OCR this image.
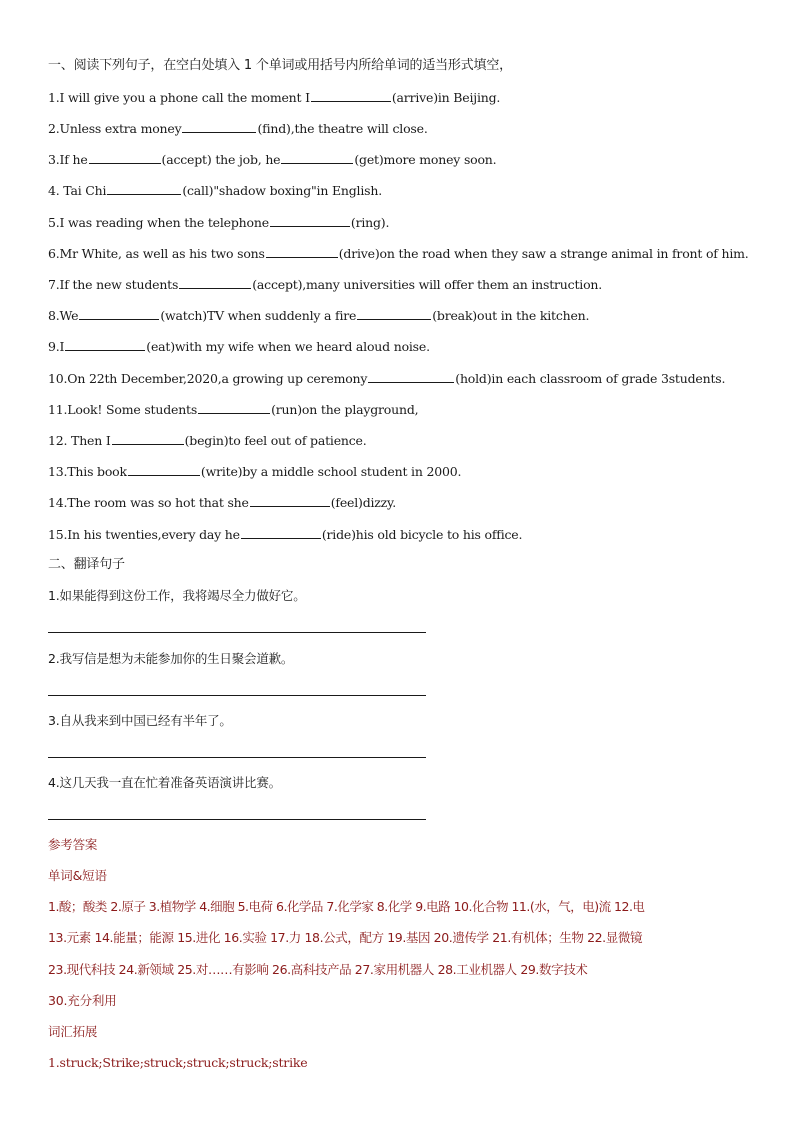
一、阅读下列句子，在空白处填入 1 个单词或用括号内所给单词的适当形式填空，
1.I will give you a phone call the moment I	(arrive)in Beijing.
2.Unless extra money	(find),the theatre will close.
3.If he	(accept) the job, he	(get)more money soon.
4. Tai Chi	(call)"shadow boxing"in English.
5.I was reading when the telephone	(ring).
6.Mr White, as well as his two sons	(drive)on the road when they saw a strange animal in front of him.
7.If the new students	(accept),many universities will offer them an instruction.
8.We	(watch)TV when suddenly a fire	(break)out in the kitchen.
9.I	(eat)with my wife when we heard aloud noise.
10.On 22th December,2020,a growing up ceremony	(hold)in each classroom of grade 3students.
11.Look! Some students	(run)on the playground,
12. Then I	(begin)to feel out of patience.
13.This book	(write)by a middle school student in 2000.
14.The room was so hot that she	(feel)dizzy.
15.In his twenties,every day he	(ride)his old bicycle to his office.
二、翻译句子
1.如果能得到这份工作，我将竭尽全力做好它。
2.我写信是想为未能参加你的生日聚会道歉。
3.自从我来到中国已经有半年了。
4.这几天我一直在忙着准备英语演讲比赛。
参考答案
单词&短语
1.酸；酸类 2.原子 3.植物学 4.细胞 5.电荷 6.化学品 7.化学家 8.化学 9.电路 10.化合物 11.(水，气，电)流 12.电
13.元素 14.能量；能源 15.进化 16.实验 17.力 18.公式，配方 19.基因 20.遗传学 21.有机体；生物 22.显微镜
23.现代科技 24.新领域 25.对……有影响 26.高科技产品 27.家用机器人 28.工业机器人 29.数字技术
30.充分利用
词汇拓展
1.struck;Strike;struck;struck;struck;strike
